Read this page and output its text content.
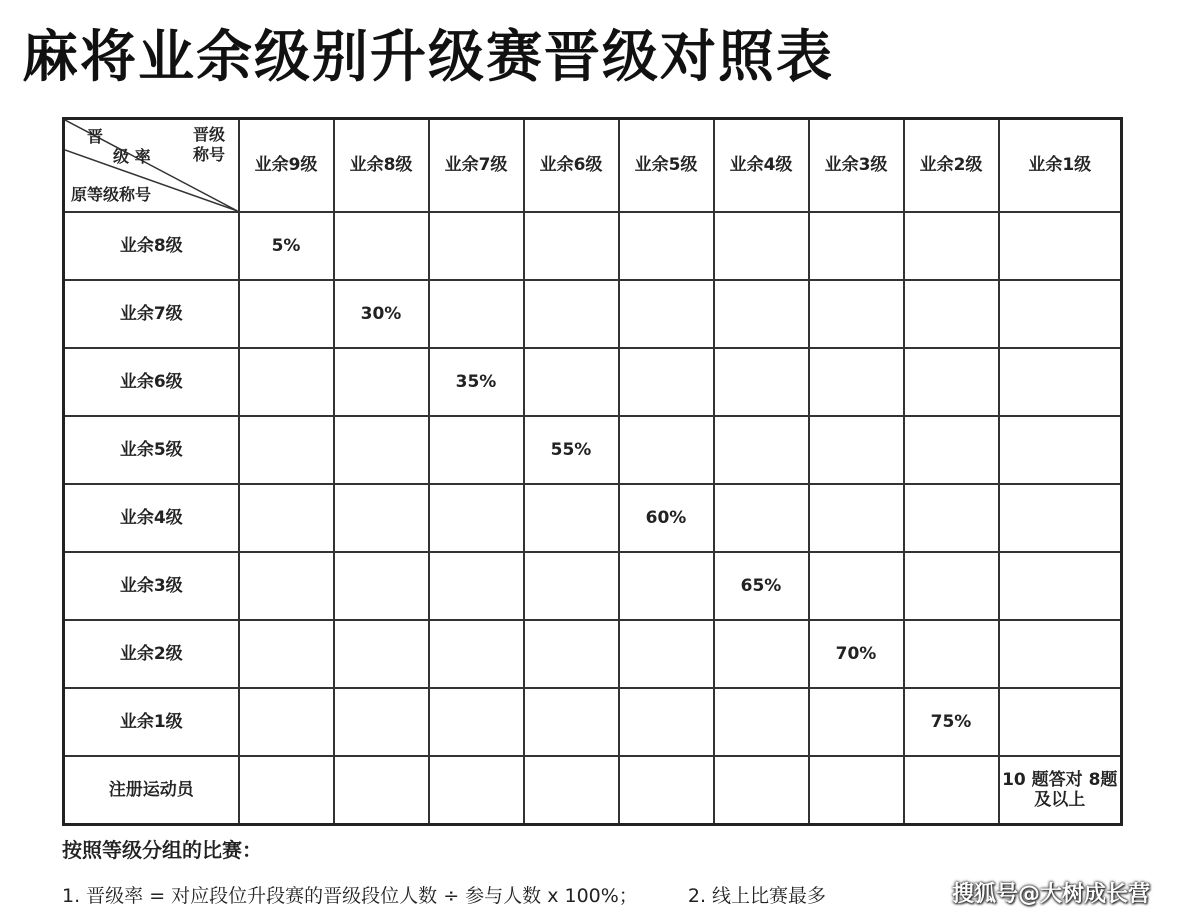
麻将业余级别升级赛晋级对照表
晋
级 率
晋级
称号
原等级称号	业余9级	业余8级	业余7级	业余6级	业余5级	业余4级	业余3级	业余2级	业余1级
业余8级	5%								
业余7级		30%							
业余6级			35%						
业余5级				55%					
业余4级					60%				
业余3级						65%			
业余2级							70%		
业余1级								75%	
注册运动员									10 题答对 8题及以上
按照等级分组的比赛：
1. 晋级率 = 对应段位升段赛的晋级段位人数 ÷ 参与人数 x 100%；	2. 线上比赛最多	搜狐号@大树成长营
